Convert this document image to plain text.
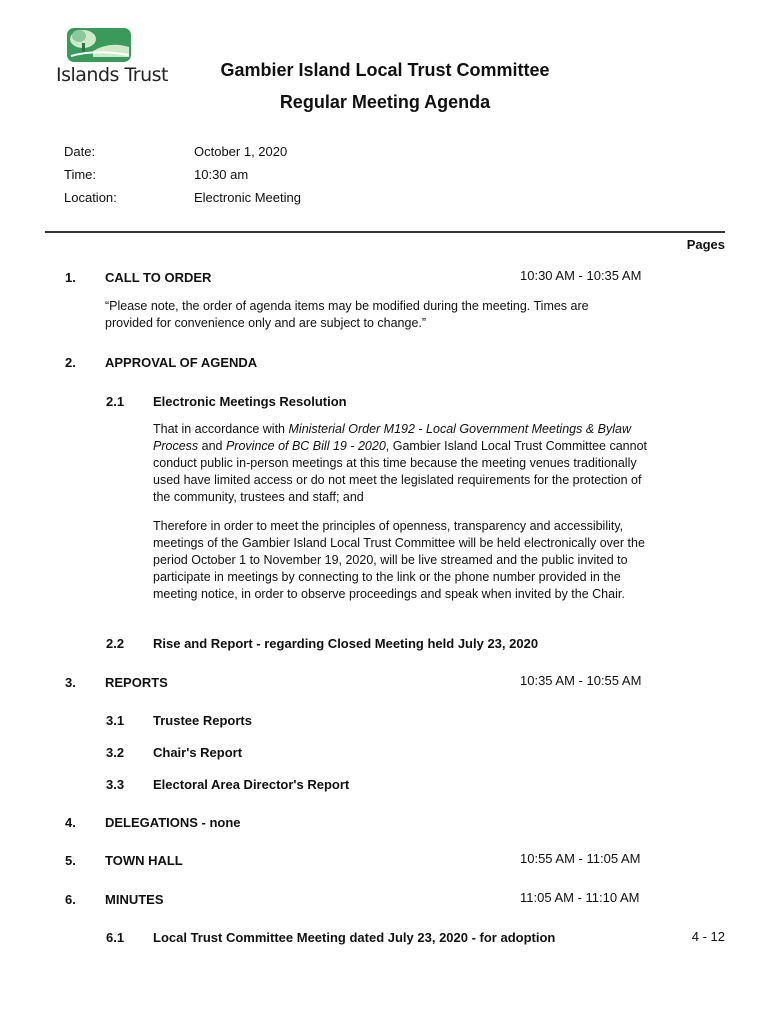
Islands Trust	Gambier Island Local Trust Committee
Regular Meeting Agenda
Date:	October 1, 2020
Time:	10:30 am
Location:	Electronic Meeting
Pages
1. CALL TO ORDER	10:30 AM - 10:35 AM
“Please note, the order of agenda items may be modified during the meeting. Times are provided for convenience only and are subject to change.”
2. APPROVAL OF AGENDA
2.1 Electronic Meetings Resolution
That in accordance with Ministerial Order M192 - Local Government Meetings & Bylaw Process and Province of BC Bill 19 - 2020, Gambier Island Local Trust Committee cannot conduct public in-person meetings at this time because the meeting venues traditionally used have limited access or do not meet the legislated requirements for the protection of the community, trustees and staff; and
Therefore in order to meet the principles of openness, transparency and accessibility, meetings of the Gambier Island Local Trust Committee will be held electronically over the period October 1 to November 19, 2020, will be live streamed and the public invited to participate in meetings by connecting to the link or the phone number provided in the meeting notice, in order to observe proceedings and speak when invited by the Chair.
2.2 Rise and Report - regarding Closed Meeting held July 23, 2020
3. REPORTS	10:35 AM - 10:55 AM
3.1 Trustee Reports
3.2 Chair's Report
3.3 Electoral Area Director's Report
4. DELEGATIONS - none
5. TOWN HALL	10:55 AM - 11:05 AM
6. MINUTES	11:05 AM - 11:10 AM
6.1 Local Trust Committee Meeting dated July 23, 2020 - for adoption	4 - 12
